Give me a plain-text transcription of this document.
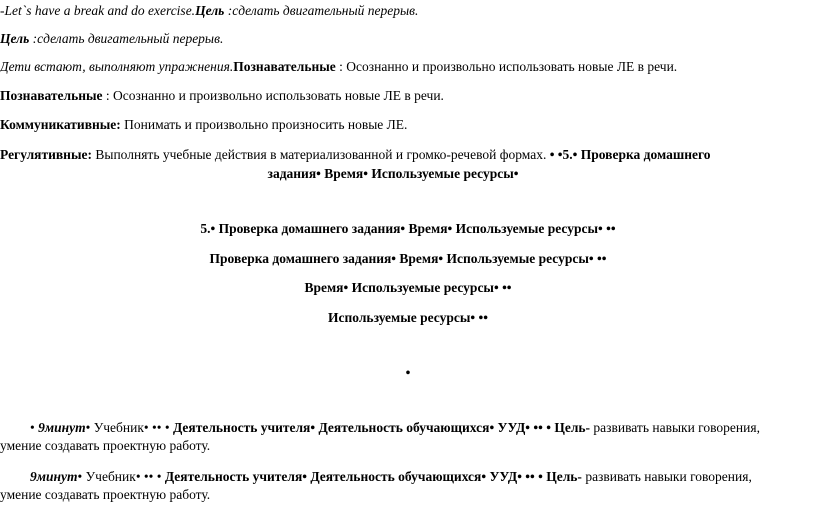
-Let`s have a break and do exercise.Цель :сделать двигательный перерыв.
Цель :сделать двигательный перерыв.
Дети встают, выполняют упражнения.Познавательные : Осознанно и произвольно использовать новые ЛЕ в речи.
Познавательные : Осознанно и произвольно использовать новые ЛЕ в речи.
Коммуникативные: Понимать и произвольно произносить новые ЛЕ.
Регулятивные: Выполнять учебные действия в материализованной и громко-речевой формах. • •5.• Проверка домашнего
задания• Время• Используемые ресурсы•
5.• Проверка домашнего задания• Время• Используемые ресурсы• ••
Проверка домашнего задания• Время• Используемые ресурсы• ••
Время• Используемые ресурсы• ••
Используемые ресурсы• ••
•
• 9минут• Учебник• •• • Деятельность учителя• Деятельность обучающихся• УУД• •• • Цель- развивать навыки говорения, умение создавать проектную работу.
9минут• Учебник• •• • Деятельность учителя• Деятельность обучающихся• УУД• •• • Цель- развивать навыки говорения, умение создавать проектную работу.
